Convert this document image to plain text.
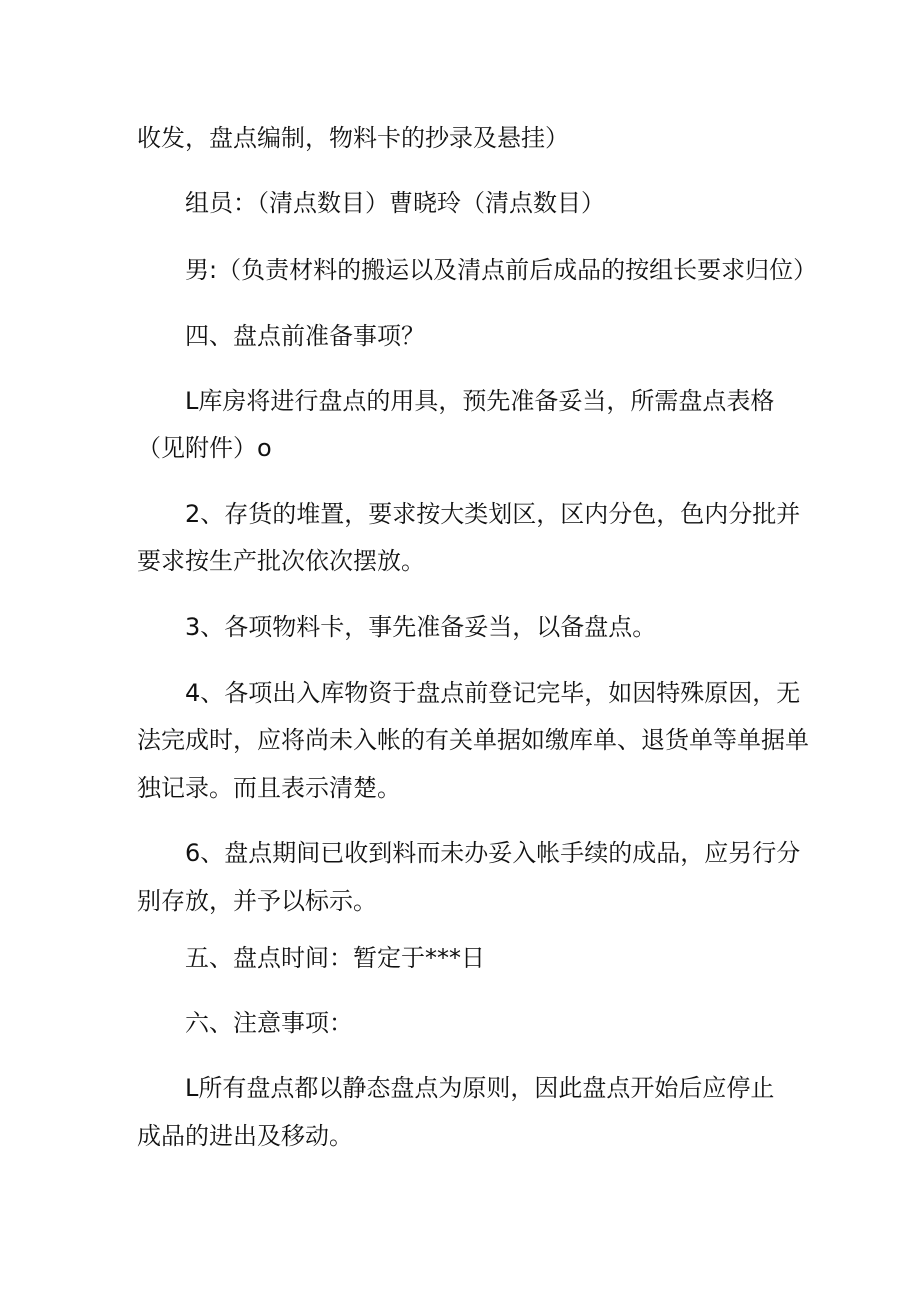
收发，盘点编制，物料卡的抄录及悬挂）
组员：（清点数目）曹晓玲（清点数目）
男:（负责材料的搬运以及清点前后成品的按组长要求归位）
四、盘点前准备事项？
L库房将进行盘点的用具，预先准备妥当，所需盘点表格
（见附件）o
2、存货的堆置，要求按大类划区，区内分色，色内分批并
要求按生产批次依次摆放。
3、各项物料卡，事先准备妥当，以备盘点。
4、各项出入库物资于盘点前登记完毕，如因特殊原因，无
法完成时，应将尚未入帐的有关单据如缴库单、退货单等单据单
独记录。而且表示清楚。
6、盘点期间已收到料而未办妥入帐手续的成品，应另行分
别存放，并予以标示。
五、盘点时间：暂定于***日
六、注意事项：
L所有盘点都以静态盘点为原则，因此盘点开始后应停止
成品的进出及移动。
